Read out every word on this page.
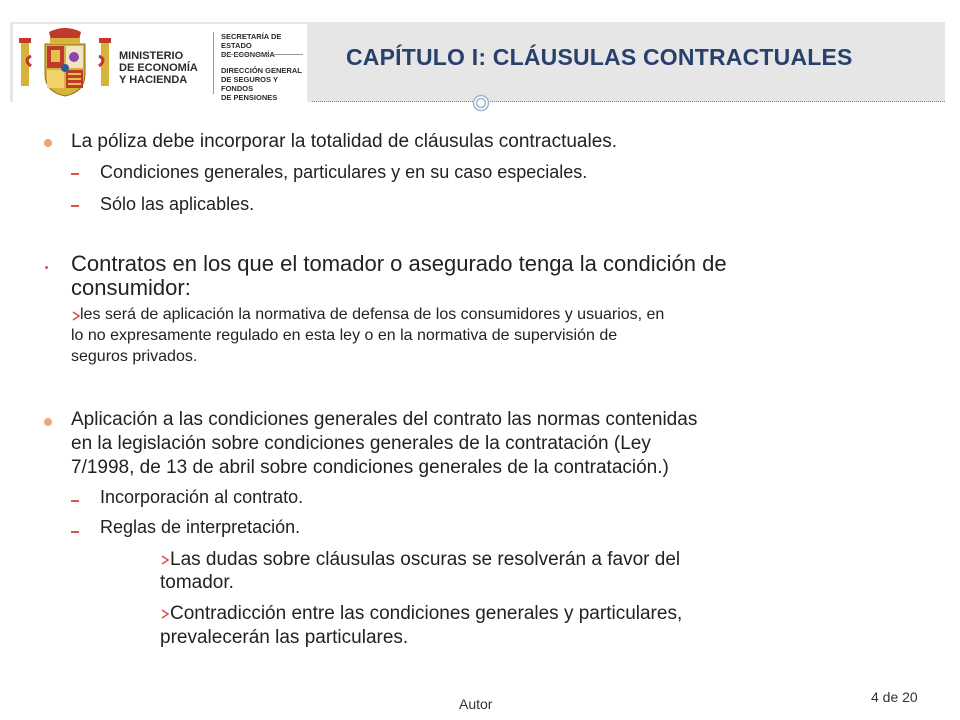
MINISTERIO
DE ECONOMÍA
Y HACIENDA
SECRETARÍA DE ESTADO
DIRECCIÓN GENERAL
DE SEGUROS Y FONDOS
DE PENSIONES
CAPÍTULO I: CLÁUSULAS CONTRACTUALES
La póliza debe incorporar la totalidad de cláusulas contractuales.
Condiciones generales, particulares y en su caso especiales.
Sólo las aplicables.
Contratos en los que el tomador o asegurado tenga la condición de
consumidor:
les será de aplicación la normativa de defensa de los consumidores y usuarios, en
lo no expresamente regulado en esta ley o en la normativa de supervisión de
seguros privados.
Aplicación a las condiciones generales del contrato las normas contenidas
en la legislación sobre condiciones generales de la contratación (Ley
7/1998, de 13 de abril sobre condiciones generales de la contratación.)
Incorporación al contrato.
Reglas de interpretación.
Las dudas sobre cláusulas oscuras se resolverán a favor del
tomador.
Contradicción entre las condiciones generales y particulares,
prevalecerán las particulares.
Autor	4 de 20
